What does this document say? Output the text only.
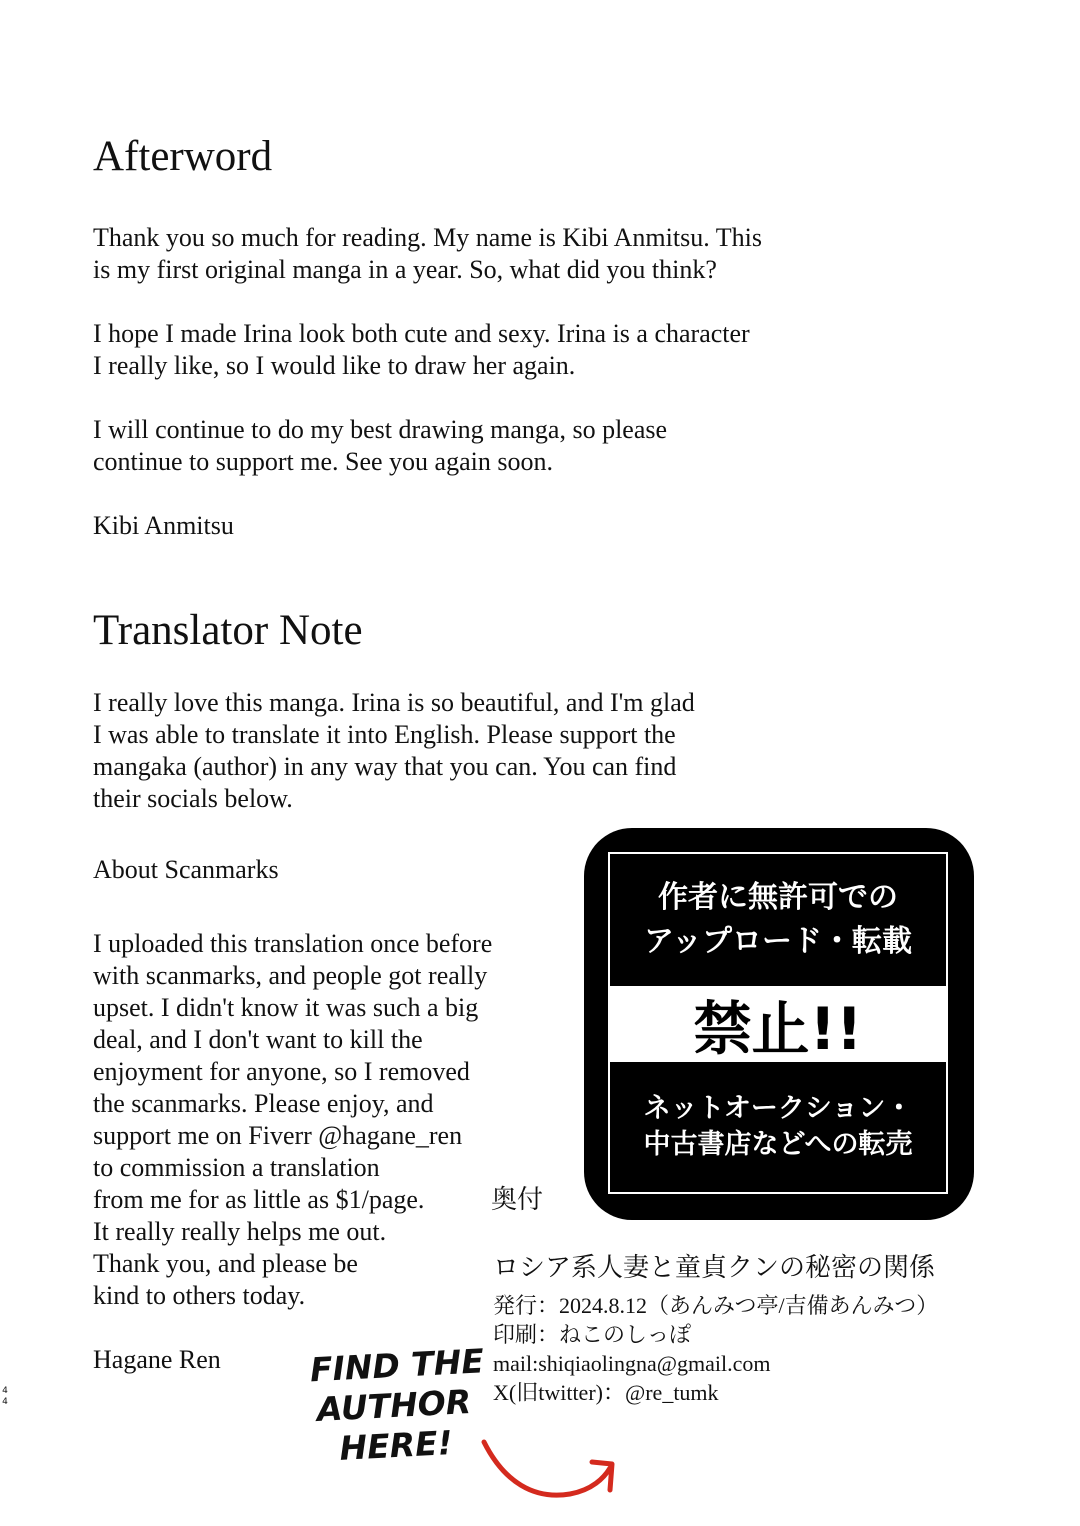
Afterword
Thank you so much for reading. My name is Kibi Anmitsu. This
is my first original manga in a year. So, what did you think?
I hope I made Irina look both cute and sexy. Irina is a character
I really like, so I would like to draw her again.
I will continue to do my best drawing manga, so please
continue to support me. See you again soon.
Kibi Anmitsu
Translator Note
I really love this manga. Irina is so beautiful, and I'm glad
I was able to translate it into English. Please support the
mangaka (author) in any way that you can. You can find
their socials below.
About Scanmarks
I uploaded this translation once before
with scanmarks, and people got really
upset. I didn't know it was such a big
deal, and I don't want to kill the
enjoyment for anyone, so I removed
the scanmarks. Please enjoy, and
support me on Fiverr @hagane_ren
to commission a translation
from me for as little as $1/page.
It really really helps me out.
Thank you, and please be
kind to others today.
Hagane Ren
作者に無許可での
アップロード・転載
禁止!!
ネットオークション・
中古書店などへの転売
奥付
ロシア系人妻と童貞クンの秘密の関係
発行：2024.8.12（あんみつ亭/吉備あんみつ）
印刷：ねこのしっぽ
mail:shiqiaolingna@gmail.com
X(旧twitter)：@re_tumk
FIND THE
AUTHOR
HERE!
4
4
